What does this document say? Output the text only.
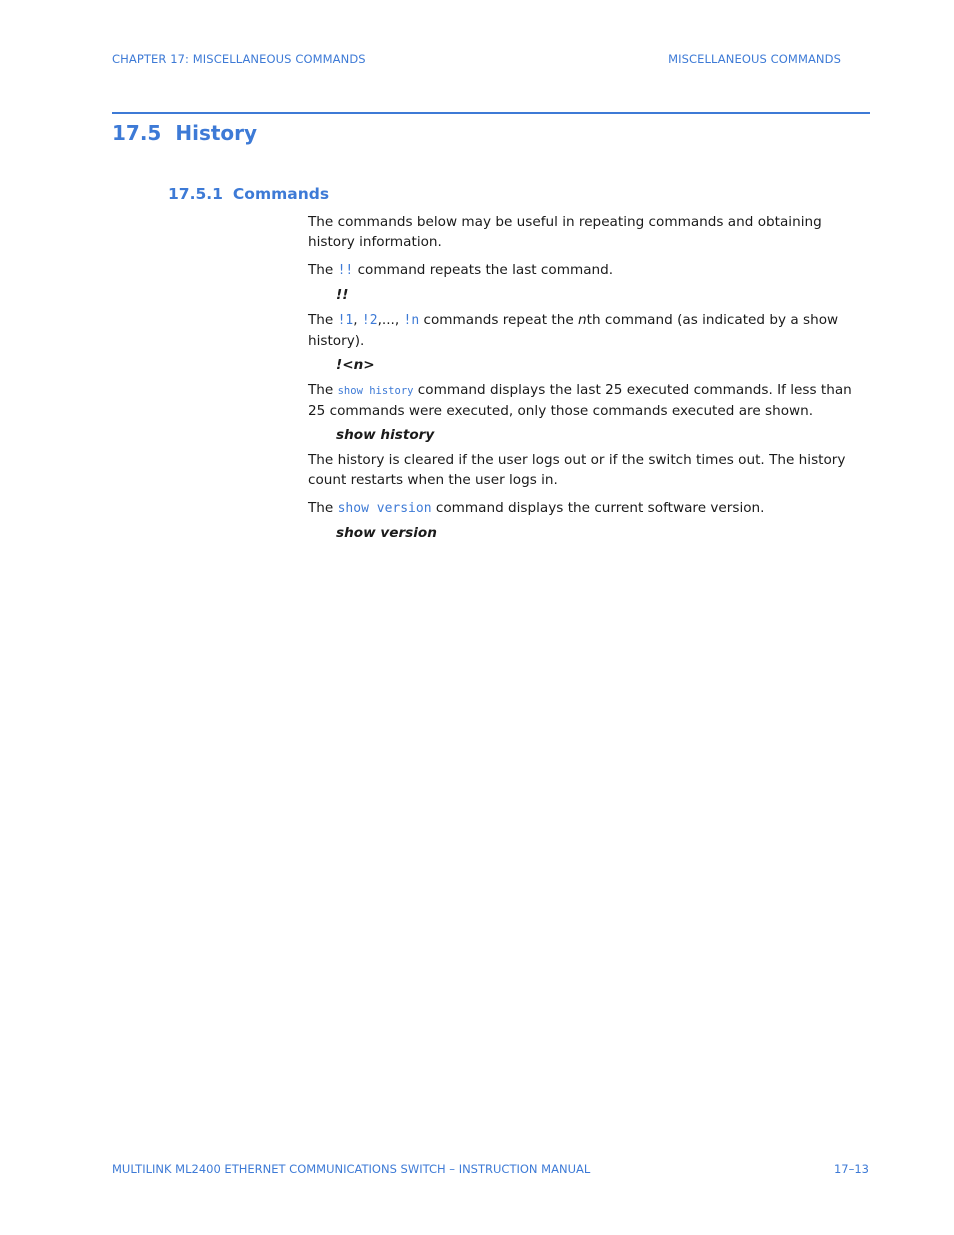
CHAPTER 17: MISCELLANEOUS COMMANDS	MISCELLANEOUS COMMANDS
17.5 History
17.5.1 Commands

The commands below may be useful in repeating commands and obtaining history information.

The !! command repeats the last command.

!!

The !1, !2,..., !n commands repeat the nth command (as indicated by a show history).

!<n>

The show history command displays the last 25 executed commands. If less than 25 commands were executed, only those commands executed are shown.

show history

The history is cleared if the user logs out or if the switch times out. The history count restarts when the user logs in.

The show version command displays the current software version.

show version
MULTILINK ML2400 ETHERNET COMMUNICATIONS SWITCH – INSTRUCTION MANUAL	17–13
